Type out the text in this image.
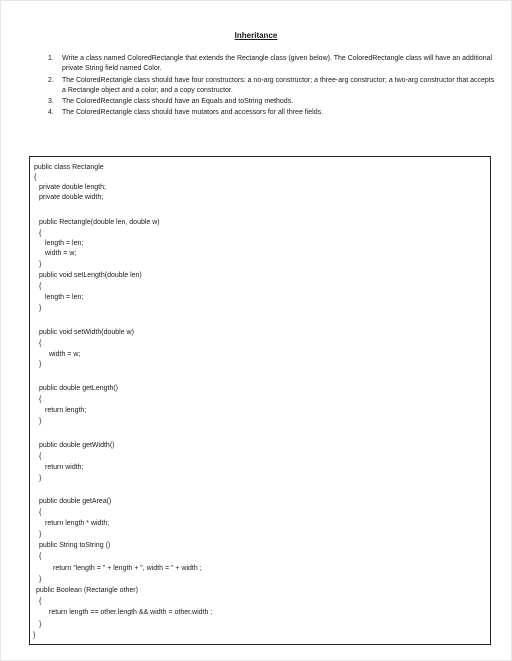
Inheritance
1.	Write a class named ColoredRectangle that extends the Rectangle class (given below). The ColoredRectangle class will have an additional private String field named Color.
2.	The ColoredRectangle class should have four constructors: a no-arg constructor; a three-arg constructor; a two-arg constructor that accepts a Rectangle object and a color; and a copy constructor.
3.	The ColoredRectangle class should have an Equals and toString methods.
4.	The ColoredRectangle class should have mutators and accessors for all three fields.
public class Rectangle
{
private double length;
private double width;
public Rectangle(double len, double w)
{
length = len;
width = w;
}
public void setLength(double len)
{
length = len;
}
public void setWidth(double w)
{
width = w;
}
public double getLength()
{
return length;
}
public double getWidth()
{
return width;
}
public double getArea()
{
return length * width;
}
public String toString ()
{
return "length = " + length + ", width = " + width ;
}
public Boolean (Rectangle other)
{
return length == other.length && width = other.width ;
}
}
